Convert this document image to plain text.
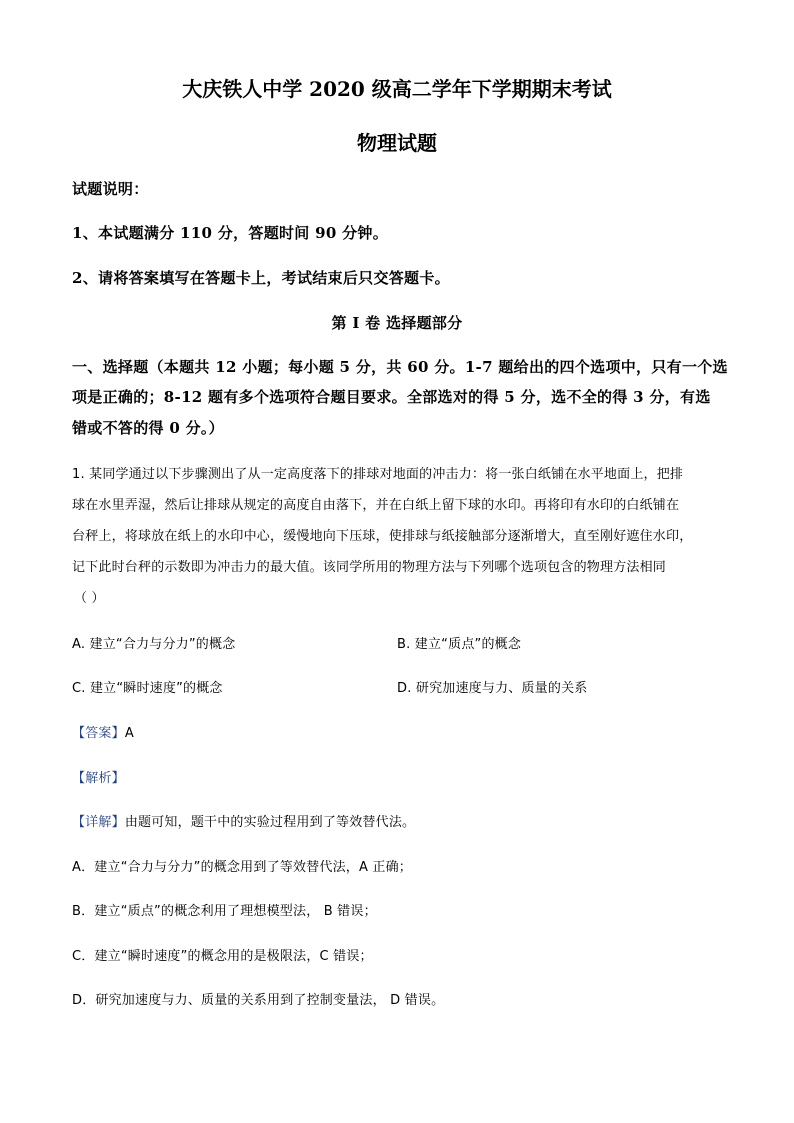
大庆铁人中学 2020 级高二学年下学期期末考试
物理试题
试题说明：
1、本试题满分 110 分，答题时间 90 分钟。
2、请将答案填写在答题卡上，考试结束后只交答题卡。
第 I 卷 选择题部分
一、选择题（本题共 12 小题；每小题 5 分，共 60 分。1-7 题给出的四个选项中，只有一个选
项是正确的；8-12 题有多个选项符合题目要求。全部选对的得 5 分，选不全的得 3 分，有选
错或不答的得 0 分。）
1. 某同学通过以下步骤测出了从一定高度落下的排球对地面的冲击力：将一张白纸铺在水平地面上，把排
球在水里弄湿，然后让排球从规定的高度自由落下，并在白纸上留下球的水印。再将印有水印的白纸铺在
台秤上，将球放在纸上的水印中心，缓慢地向下压球，使排球与纸接触部分逐渐增大，直至刚好遮住水印，
记下此时台秤的示数即为冲击力的最大值。该同学所用的物理方法与下列哪个选项包含的物理方法相同
（ ）
A. 建立“合力与分力”的概念	B. 建立“质点”的概念
C. 建立“瞬时速度”的概念	D. 研究加速度与力、质量的关系
【答案】A
【解析】
【详解】由题可知，题干中的实验过程用到了等效替代法。
A．建立“合力与分力”的概念用到了等效替代法，A 正确；
B．建立“质点”的概念利用了理想模型法， B 错误；
C．建立“瞬时速度”的概念用的是极限法，C 错误；
D．研究加速度与力、质量的关系用到了控制变量法， D 错误。
